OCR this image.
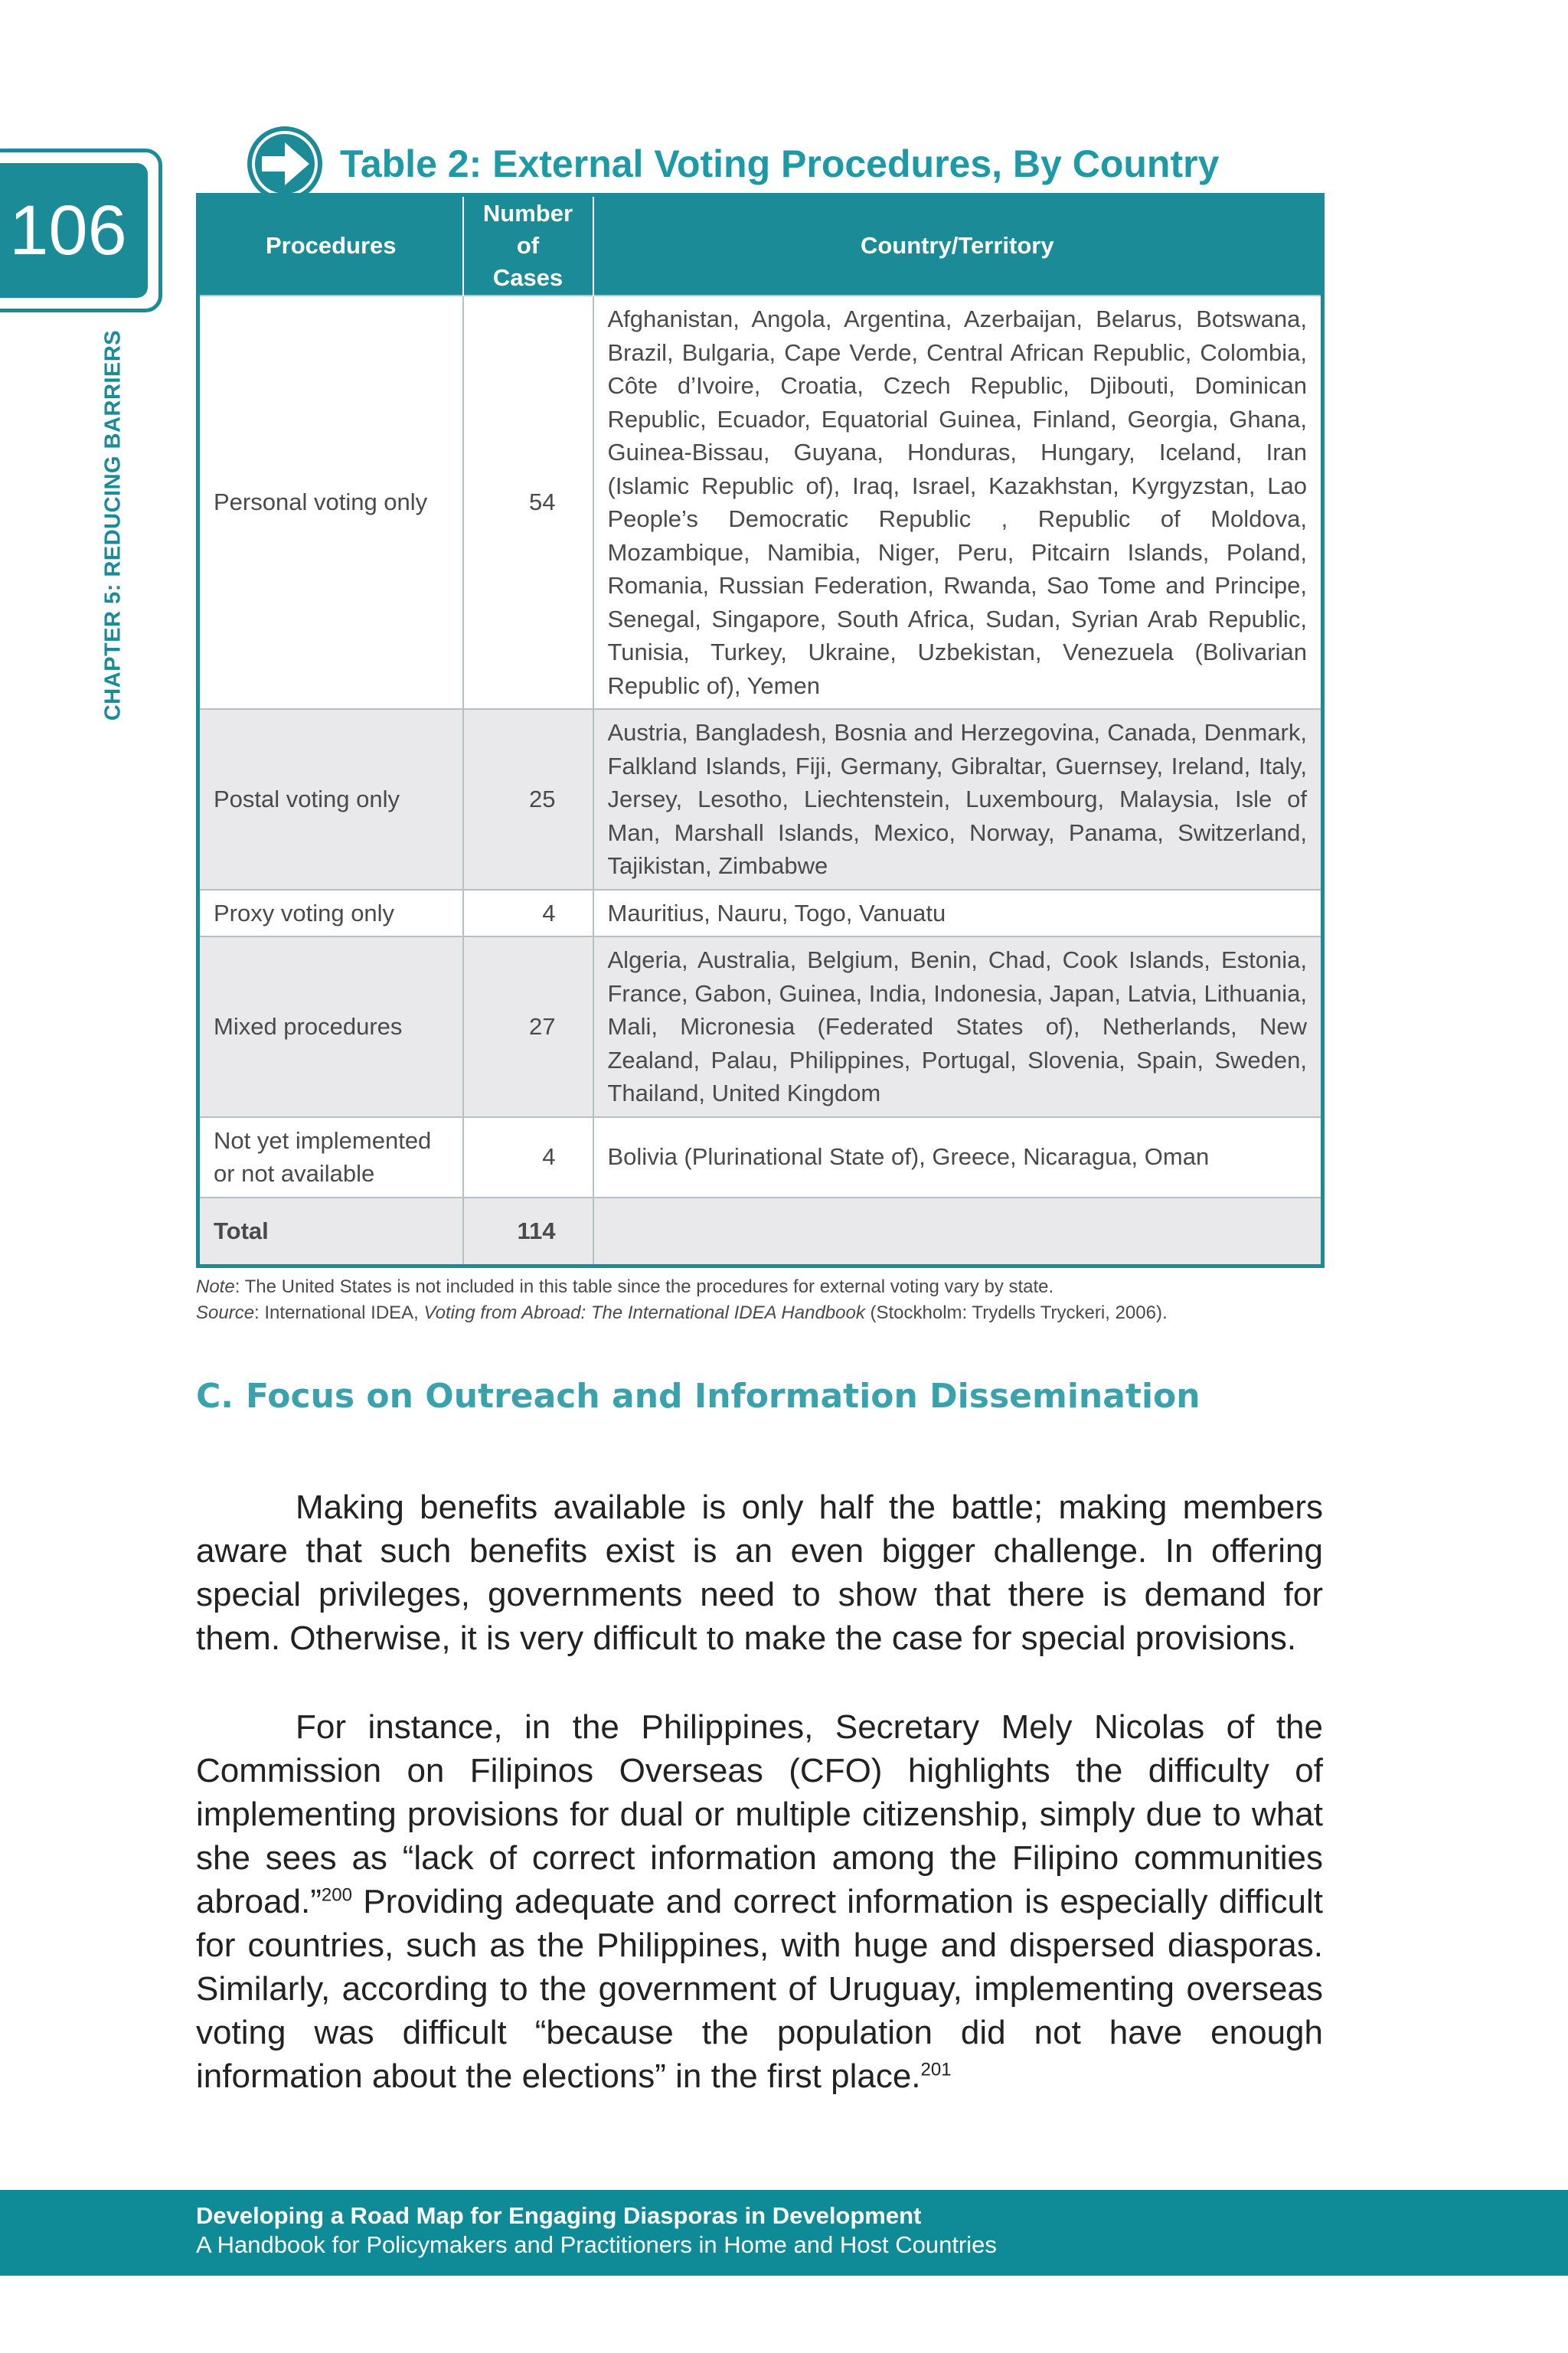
106
CHAPTER 5: REDUCING BARRIERS
Table 2: External Voting Procedures, By Country
Procedures	Number of Cases	Country/Territory
Personal voting only	54	Afghanistan, Angola, Argentina, Azerbaijan, Belarus, Botswana, Brazil, Bulgaria, Cape Verde, Central African Republic, Colombia, Côte d’Ivoire, Croatia, Czech Republic, Djibouti, Dominican Republic, Ecuador, Equatorial Guinea, Finland, Georgia, Ghana, Guinea-Bissau, Guyana, Honduras, Hungary, Iceland, Iran (Islamic Republic of), Iraq, Israel, Kazakhstan, Kyrgyzstan, Lao People’s Democratic Republic , Republic of Moldova, Mozambique, Namibia, Niger, Peru, Pitcairn Islands, Poland, Romania, Russian Federation, Rwanda, Sao Tome and Principe, Senegal, Singapore, South Africa, Sudan, Syrian Arab Republic, Tunisia, Turkey, Ukraine, Uzbekistan, Venezuela (Bolivarian Republic of), Yemen
Postal voting only	25	Austria, Bangladesh, Bosnia and Herzegovina, Canada, Denmark, Falkland Islands, Fiji, Germany, Gibraltar, Guernsey, Ireland, Italy, Jersey, Lesotho, Liechtenstein, Luxembourg, Malaysia, Isle of Man, Marshall Islands, Mexico, Norway, Panama, Switzerland, Tajikistan, Zimbabwe
Proxy voting only	4	Mauritius, Nauru, Togo, Vanuatu
Mixed procedures	27	Algeria, Australia, Belgium, Benin, Chad, Cook Islands, Estonia, France, Gabon, Guinea, India, Indonesia, Japan, Latvia, Lithuania, Mali, Micronesia (Federated States of), Netherlands, New Zealand, Palau, Philippines, Portugal, Slovenia, Spain, Sweden, Thailand, United Kingdom
Not yet implemented or not available	4	Bolivia (Plurinational State of), Greece, Nicaragua, Oman
Total	114	
Note: The United States is not included in this table since the procedures for external voting vary by state.
Source: International IDEA, Voting from Abroad: The International IDEA Handbook (Stockholm: Trydells Tryckeri, 2006).
C. Focus on Outreach and Information Dissemination
Making benefits available is only half the battle; making members aware that such benefits exist is an even bigger challenge. In offering special privileges, governments need to show that there is demand for them. Otherwise, it is very difficult to make the case for special provisions.
For instance, in the Philippines, Secretary Mely Nicolas of the Commission on Filipinos Overseas (CFO) highlights the difficulty of implementing provisions for dual or multiple citizenship, simply due to what she sees as “lack of correct information among the Filipino communities abroad.”$^{200}$ Providing adequate and correct information is especially difficult for countries, such as the Philippines, with huge and dispersed diasporas. Similarly, according to the government of Uruguay, implementing overseas voting was difficult “because the population did not have enough information about the elections” in the first place.$^{201}$
Developing a Road Map for Engaging Diasporas in Development
A Handbook for Policymakers and Practitioners in Home and Host Countries
